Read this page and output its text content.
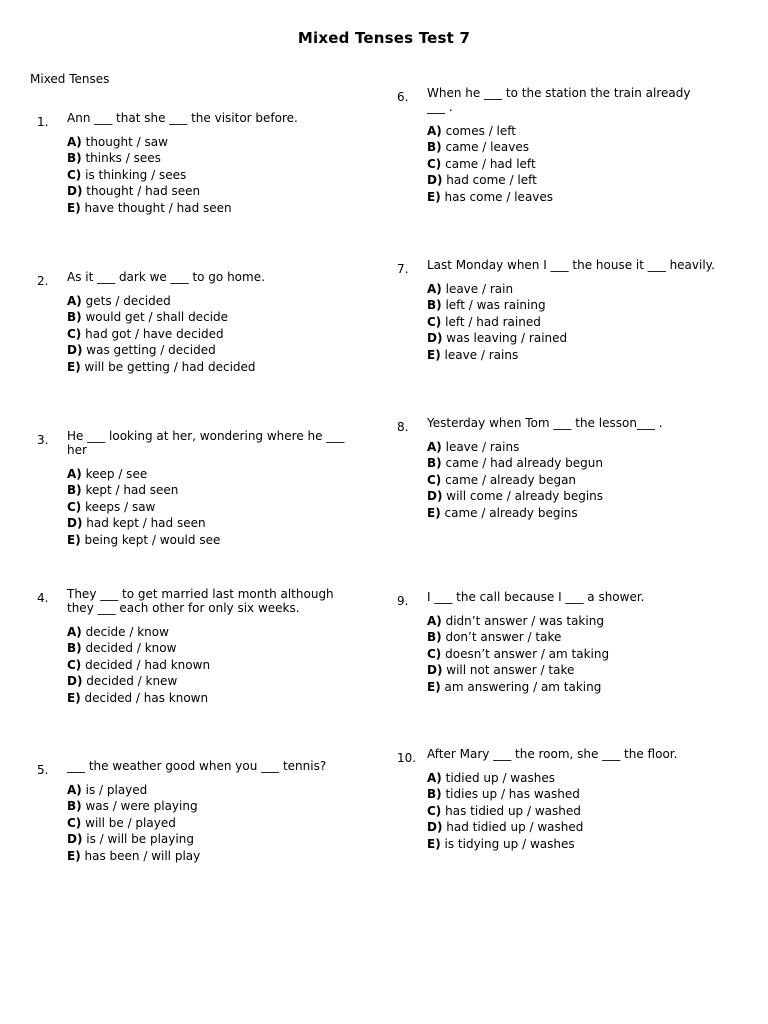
Mixed Tenses Test 7
Mixed Tenses
1. Ann ___ that she ___ the visitor before.
A) thought / saw
B) thinks / sees
C) is thinking / sees
D) thought / had seen
E) have thought / had seen
2. As it ___ dark we ___ to go home.
A) gets / decided
B) would get / shall decide
C) had got / have decided
D) was getting / decided
E) will be getting / had decided
3. He ___ looking at her, wondering where he ___ her
A) keep / see
B) kept / had seen
C) keeps / saw
D) had kept / had seen
E) being kept / would see
4. They ___ to get married last month although they ___ each other for only six weeks.
A) decide / know
B) decided / know
C) decided / had known
D) decided / knew
E) decided / has known
5. ___ the weather good when you ___ tennis?
A) is / played
B) was / were playing
C) will be / played
D) is / will be playing
E) has been / will play
6. When he ___ to the station the train already ___ .
A) comes / left
B) came / leaves
C) came / had left
D) had come / left
E) has come / leaves
7. Last Monday when I ___ the house it ___ heavily.
A) leave / rain
B) left / was raining
C) left / had rained
D) was leaving / rained
E) leave / rains
8. Yesterday when Tom ___ the lesson___ .
A) leave / rains
B) came / had already begun
C) came / already began
D) will come / already begins
E) came / already begins
9. I ___ the call because I ___ a shower.
A) didn’t answer / was taking
B) don’t answer / take
C) doesn’t answer / am taking
D) will not answer / take
E) am answering / am taking
10. After Mary ___ the room, she ___ the floor.
A) tidied up / washes
B) tidies up / has washed
C) has tidied up / washed
D) had tidied up / washed
E) is tidying up / washes
